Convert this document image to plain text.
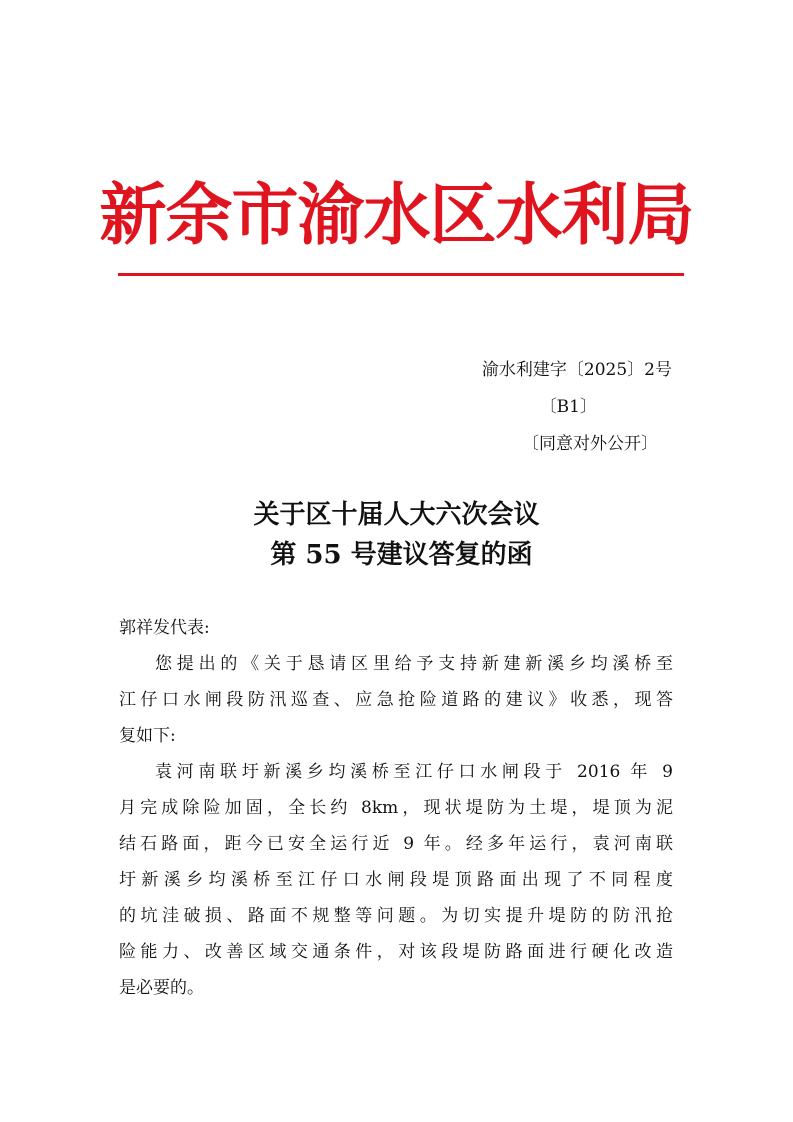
新余市渝水区水利局
渝水利建字〔2025〕2号
〔B1〕
〔同意对外公开〕
关于区十届人大六次会议
第 55 号建议答复的函
郭祥发代表:
您提出的《关于恳请区里给予支持新建新溪乡均溪桥至
江仔口水闸段防汛巡查、应急抢险道路的建议》收悉，现答
复如下:
袁河南联圩新溪乡均溪桥至江仔口水闸段于 2016 年 9
月完成除险加固，全长约 8km，现状堤防为土堤，堤顶为泥
结石路面，距今已安全运行近 9 年。经多年运行，袁河南联
圩新溪乡均溪桥至江仔口水闸段堤顶路面出现了不同程度
的坑洼破损、路面不规整等问题。为切实提升堤防的防汛抢
险能力、改善区域交通条件，对该段堤防路面进行硬化改造
是必要的。
